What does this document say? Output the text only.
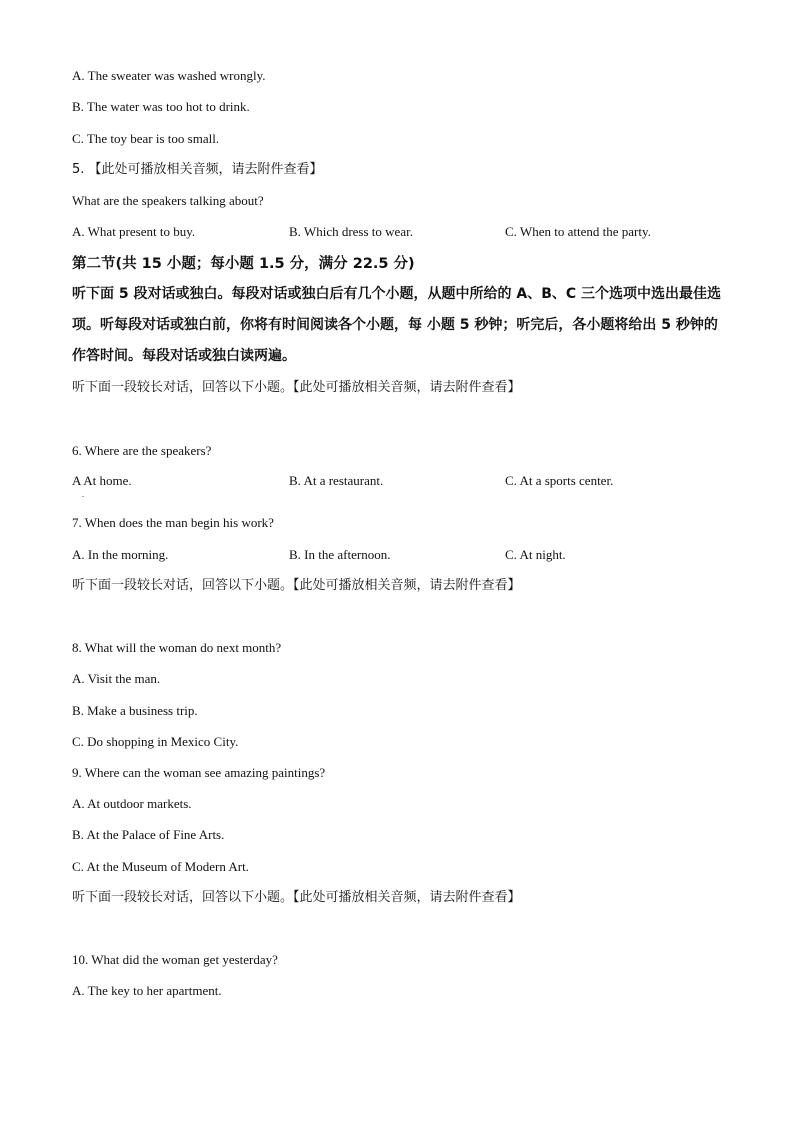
A. The sweater was washed wrongly.
B. The water was too hot to drink.
C. The toy bear is too small.
5. 【此处可播放相关音频，请去附件查看】
What are the speakers talking about?
A. What present to buy.	B. Which dress to wear.	C. When to attend the party.
第二节(共 15 小题；每小题 1.5 分，满分 22.5 分)
听下面 5 段对话或独白。每段对话或独白后有几个小题，从题中所给的 A、B、C 三个选项中选出最佳选项。听每段对话或独白前，你将有时间阅读各个小题，每 小题 5 秒钟；听完后，各小题将给出 5 秒钟的作答时间。每段对话或独白读两遍。
听下面一段较长对话，回答以下小题。【此处可播放相关音频，请去附件查看】
6. Where are the speakers?
A At home.
.
B. At a restaurant.	C. At a sports center.
7. When does the man begin his work?
A. In the morning.	B. In the afternoon.	C. At night.
听下面一段较长对话，回答以下小题。【此处可播放相关音频，请去附件查看】
8. What will the woman do next month?
A. Visit the man.
B. Make a business trip.
C. Do shopping in Mexico City.
9. Where can the woman see amazing paintings?
A. At outdoor markets.
B. At the Palace of Fine Arts.
C. At the Museum of Modern Art.
听下面一段较长对话，回答以下小题。【此处可播放相关音频，请去附件查看】
10. What did the woman get yesterday?
A. The key to her apartment.
